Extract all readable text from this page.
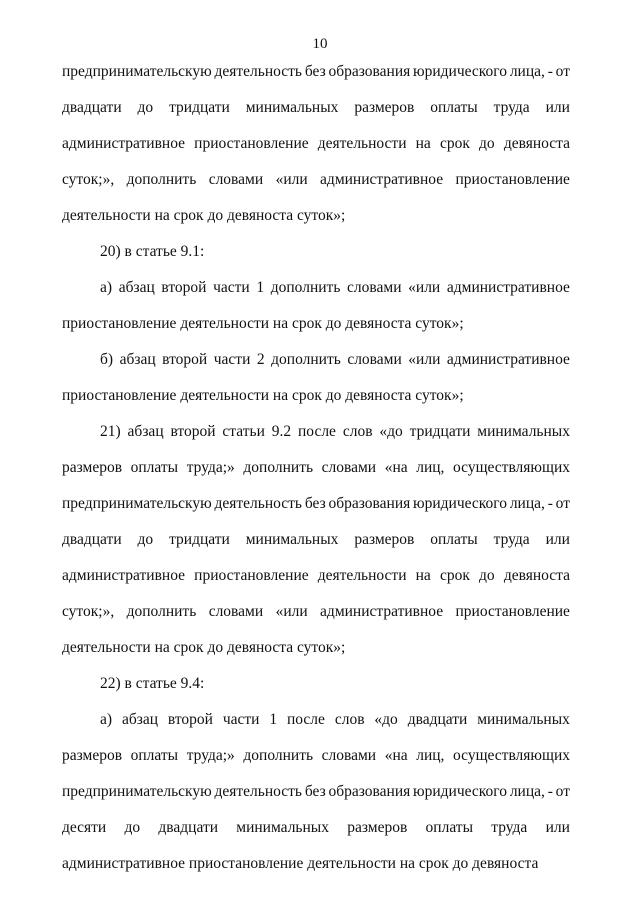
10
предпринимательскую деятельность без образования юридического лица, - от
двадцати до тридцати минимальных размеров оплаты труда или
административное приостановление деятельности на срок до девяноста
суток;», дополнить словами «или административное приостановление
деятельности на срок до девяноста суток»;
20) в статье 9.1:
а) абзац второй части 1 дополнить словами «или административное
приостановление деятельности на срок до девяноста суток»;
б) абзац второй части 2 дополнить словами «или административное
приостановление деятельности на срок до девяноста суток»;
21) абзац второй статьи 9.2 после слов «до тридцати минимальных
размеров оплаты труда;» дополнить словами «на лиц, осуществляющих
предпринимательскую деятельность без образования юридического лица, - от
двадцати до тридцати минимальных размеров оплаты труда или
административное приостановление деятельности на срок до девяноста
суток;», дополнить словами «или административное приостановление
деятельности на срок до девяноста суток»;
22) в статье 9.4:
а) абзац второй части 1 после слов «до двадцати минимальных
размеров оплаты труда;» дополнить словами «на лиц, осуществляющих
предпринимательскую деятельность без образования юридического лица, - от
десяти до двадцати минимальных размеров оплаты труда или
административное приостановление деятельности на срок до девяноста
